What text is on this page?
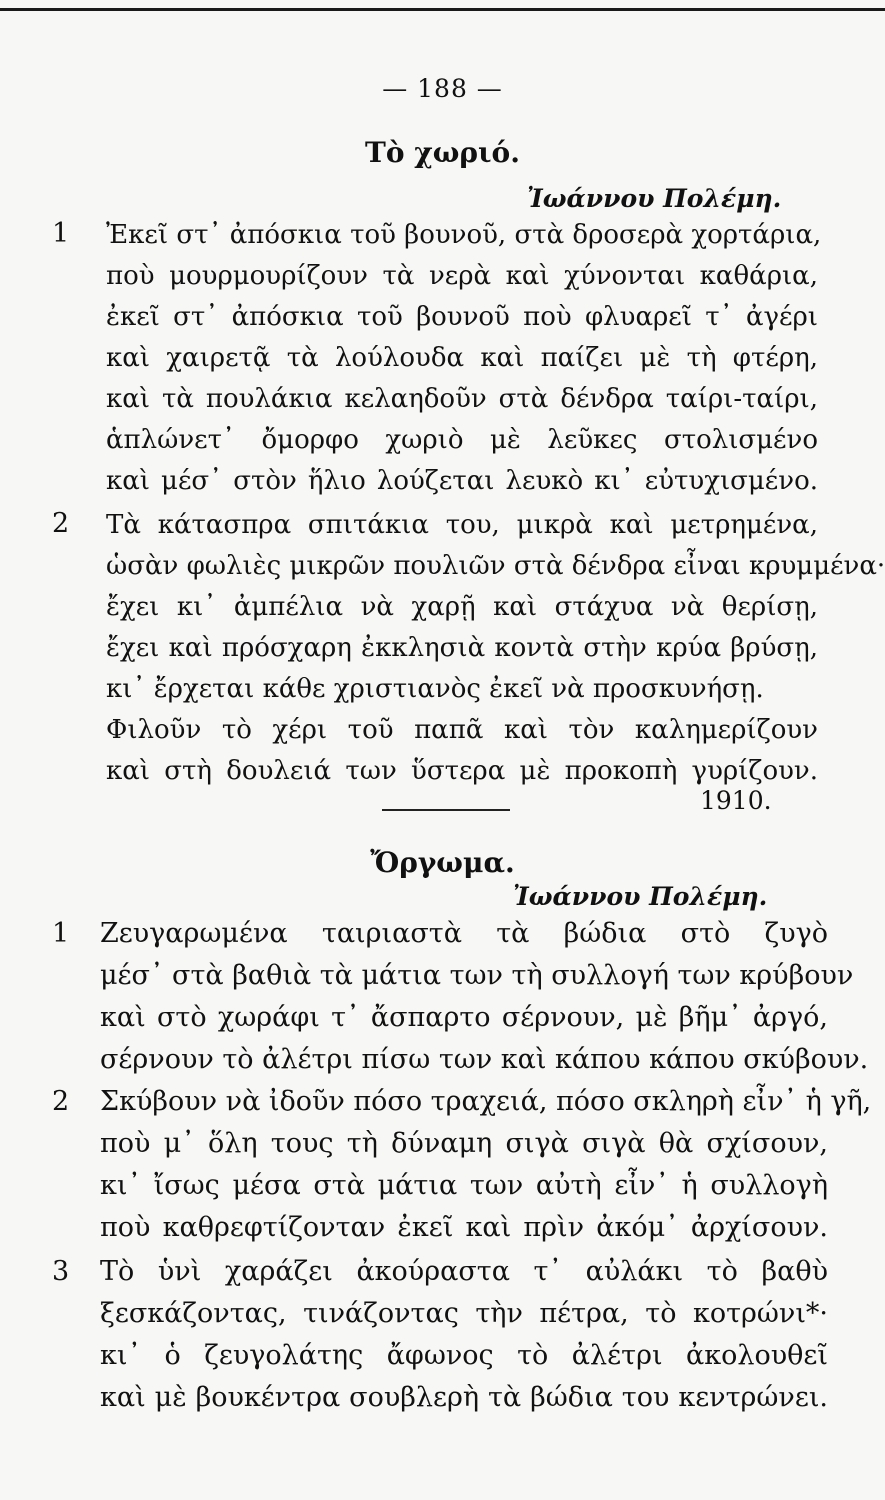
— 188 —
Τὸ χωριό.
Ἰωάννου Πολέμη.
1 Ἐκεῖ στ᾽ ἀπόσκια τοῦ βουνοῦ, στὰ δροσερὰ χορτάρια,
ποὺ μουρμουρίζουν τὰ νερὰ καὶ χύνονται καθάρια,
ἐκεῖ στ᾽ ἀπόσκια τοῦ βουνοῦ ποὺ φλυαρεῖ τ᾽ ἀγέρι
καὶ χαιρετᾷ τὰ λούλουδα καὶ παίζει μὲ τὴ φτέρη,
καὶ τὰ πουλάκια κελαηδοῦν στὰ δένδρα ταίρι-ταίρι,
ἁπλώνετ᾽ ὄμορφο χωριὸ μὲ λεῦκες στολισμένο
καὶ μέσ᾽ στὸν ἥλιο λούζεται λευκὸ κι᾽ εὐτυχισμένο.
2 Τὰ κάτασπρα σπιτάκια του, μικρὰ καὶ μετρημένα,
ὡσὰν φωλιὲς μικρῶν πουλιῶν στὰ δένδρα εἶναι κρυμμένα·
ἔχει κι᾽ ἀμπέλια νὰ χαρῇ καὶ στάχυα νὰ θερίσῃ,
ἔχει καὶ πρόσχαρη ἐκκλησιὰ κοντὰ στὴν κρύα βρύσῃ,
κι᾽ ἔρχεται κάθε χριστιανὸς ἐκεῖ νὰ προσκυνήσῃ.
Φιλοῦν τὸ χέρι τοῦ παπᾶ καὶ τὸν καλημερίζουν
καὶ στὴ δουλειά των ὕστερα μὲ προκοπὴ γυρίζουν.
1910.
Ὄργωμα.
Ἰωάννου Πολέμη.
1 Ζευγαρωμένα ταιριαστὰ τὰ βώδια στὸ ζυγὸ
μέσ᾽ στὰ βαθιὰ τὰ μάτια των τὴ συλλογή των κρύβουν
καὶ στὸ χωράφι τ᾽ ἄσπαρτο σέρνουν, μὲ βῆμ᾽ ἀργό,
σέρνουν τὸ ἀλέτρι πίσω των καὶ κάπου κάπου σκύβουν.
2 Σκύβουν νὰ ἰδοῦν πόσο τραχειά, πόσο σκληρὴ εἶν᾽ ἡ γῆ,
ποὺ μ᾽ ὅλη τους τὴ δύναμη σιγὰ σιγὰ θὰ σχίσουν,
κι᾽ ἴσως μέσα στὰ μάτια των αὐτὴ εἶν᾽ ἡ συλλογὴ
ποὺ καθρεφτίζονταν ἐκεῖ καὶ πρὶν ἀκόμ᾽ ἀρχίσουν.
3 Τὸ ὑνὶ χαράζει ἀκούραστα τ᾽ αὐλάκι τὸ βαθὺ
ξεσκάζοντας, τινάζοντας τὴν πέτρα, τὸ κοτρώνι*·
κι᾽ ὁ ζευγολάτης ἄφωνος τὸ ἀλέτρι ἀκολουθεῖ
καὶ μὲ βουκέντρα σουβλερὴ τὰ βώδια του κεντρώνει.
